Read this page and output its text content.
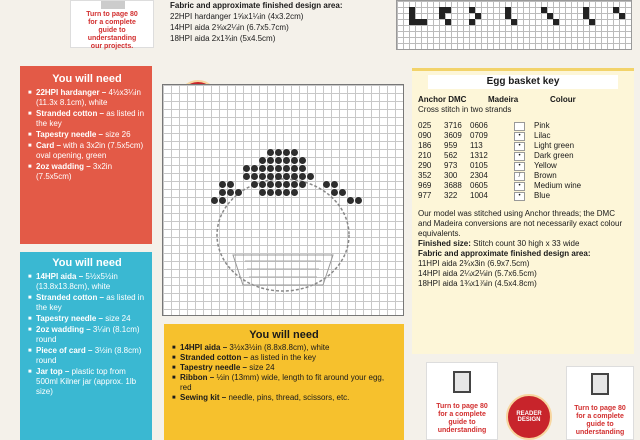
Turn to page 80
for a complete
guide to
understanding
our projects.
Fabric and approximate finished design area:
22HPI hardanger 1⅝x1¼in (4x3.2cm)
14HPI aida 2⅝x2¼in (6.7x5.7cm)
18HPI aida 2x1¾in (5x4.5cm)
You will need
■ 22HPI hardanger – 4½x3¼in (11.3x 8.1cm), white
■ Stranded cotton – as listed in the key
■ Tapestry needle – size 26
■ Card – with a 3x2in (7.5x5cm) oval opening, green
■ 2oz wadding – 3x2in (7.5x5cm)
You will need
■ 14HPI aida – 5½x5½in (13.8x13.8cm), white
■ Stranded cotton – as listed in the key
■ Tapestry needle – size 24
■ 2oz wadding – 3¼in (8.1cm) round
■ Piece of card – 3½in (8.8cm) round
■ Jar top – plastic top from 500ml Kilner jar (approx. 1lb size)
You will need
■ 14HPI aida – 3½x3½in (8.8x8.8cm), white
■ Stranded cotton – as listed in the key
■ Tapestry needle – size 24
■ Ribbon – ½in (13mm) wide, length to fit around your egg, red
■ Sewing kit – needle, pins, thread, scissors, etc.
Egg basket key
Anchor DMC	Madeira	Colour
Cross stitch in two strands
025	3716	0606	Pink
090	3609	0709	•	Lilac
186	959	113	•	Light green
210	562	1312	•	Dark green
290	973	0105	•	Yellow
352	300	2304	/	Brown
969	3688	0605	•	Medium wine
977	322	1004	•	Blue
Our model was stitched using Anchor threads; the DMC and Madeira conversions are not necessarily exact colour equivalents.
Finished size: Stitch count 30 high x 33 wide
Fabric and approximate finished design area:
11HPI aida 2¾x3in (6.9x7.5cm)
14HPI aida 2¼x2⅛in (5.7x6.5cm)
18HPI aida 1¾x1⅞in (4.5x4.8cm)
Turn to page 80
for a complete
guide to
understanding
READER DESIGN
Turn to page 80
for a complete
guide to
understanding
